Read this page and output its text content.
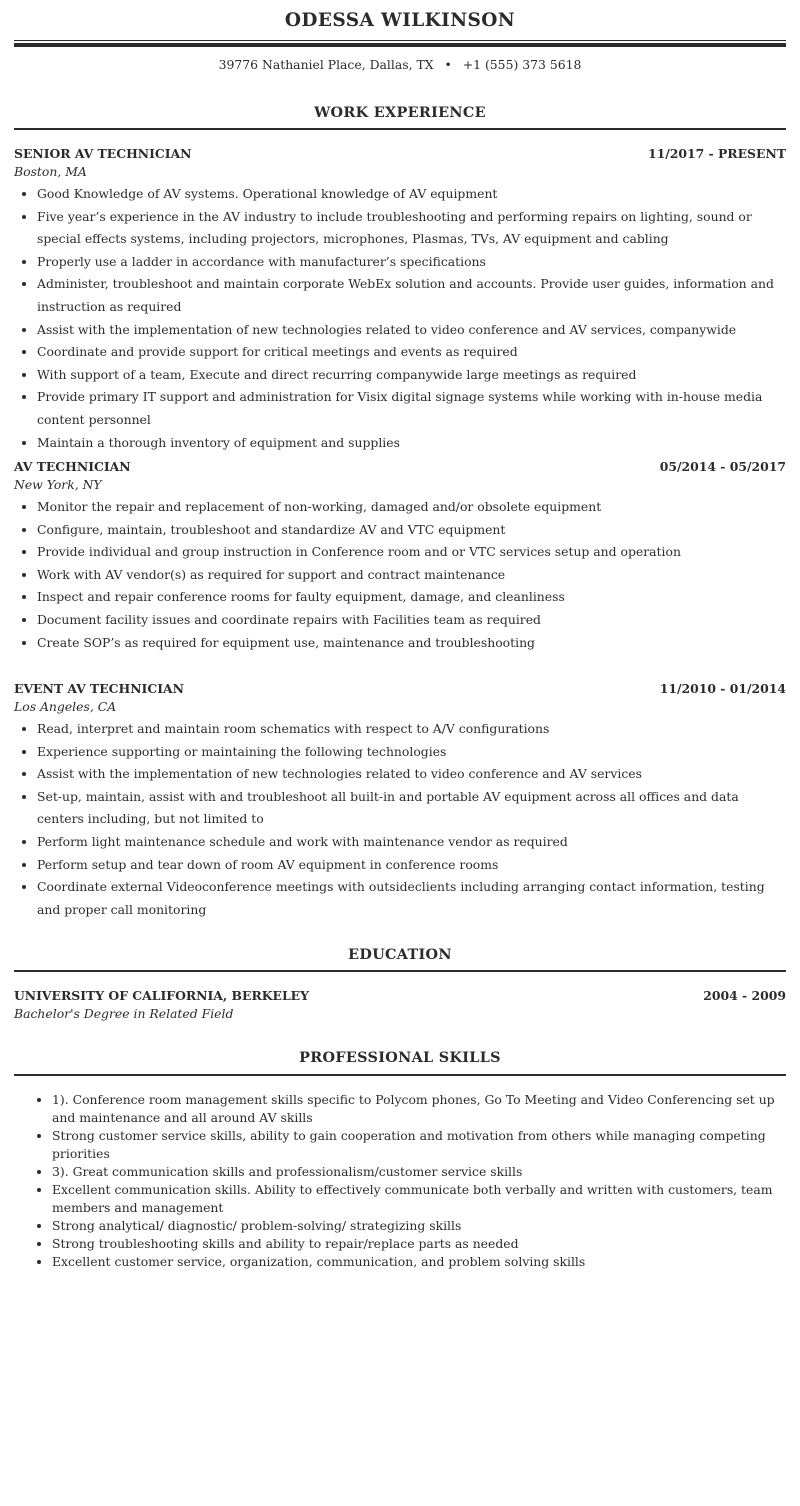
ODESSA WILKINSON
39776 Nathaniel Place, Dallas, TX • +1 (555) 373 5618
WORK EXPERIENCE
SENIOR AV TECHNICIAN	11/2017 - PRESENT
Boston, MA
• Good Knowledge of AV systems. Operational knowledge of AV equipment
• Five year’s experience in the AV industry to include troubleshooting and performing repairs on lighting, sound or special effects systems, including projectors, microphones, Plasmas, TVs, AV equipment and cabling
• Properly use a ladder in accordance with manufacturer’s specifications
• Administer, troubleshoot and maintain corporate WebEx solution and accounts. Provide user guides, information and instruction as required
• Assist with the implementation of new technologies related to video conference and AV services, companywide
• Coordinate and provide support for critical meetings and events as required
• With support of a team, Execute and direct recurring companywide large meetings as required
• Provide primary IT support and administration for Visix digital signage systems while working with in-house media content personnel
• Maintain a thorough inventory of equipment and supplies
AV TECHNICIAN	05/2014 - 05/2017
New York, NY
• Monitor the repair and replacement of non-working, damaged and/or obsolete equipment
• Configure, maintain, troubleshoot and standardize AV and VTC equipment
• Provide individual and group instruction in Conference room and or VTC services setup and operation
• Work with AV vendor(s) as required for support and contract maintenance
• Inspect and repair conference rooms for faulty equipment, damage, and cleanliness
• Document facility issues and coordinate repairs with Facilities team as required
• Create SOP’s as required for equipment use, maintenance and troubleshooting
EVENT AV TECHNICIAN	11/2010 - 01/2014
Los Angeles, CA
• Read, interpret and maintain room schematics with respect to A/V configurations
• Experience supporting or maintaining the following technologies
• Assist with the implementation of new technologies related to video conference and AV services
• Set-up, maintain, assist with and troubleshoot all built-in and portable AV equipment across all offices and data centers including, but not limited to
• Perform light maintenance schedule and work with maintenance vendor as required
• Perform setup and tear down of room AV equipment in conference rooms
• Coordinate external Videoconference meetings with outsideclients including arranging contact information, testing and proper call monitoring
EDUCATION
UNIVERSITY OF CALIFORNIA, BERKELEY	2004 - 2009
Bachelor's Degree in Related Field
PROFESSIONAL SKILLS
• 1). Conference room management skills specific to Polycom phones, Go To Meeting and Video Conferencing set up and maintenance and all around AV skills
• Strong customer service skills, ability to gain cooperation and motivation from others while managing competing priorities
• 3). Great communication skills and professionalism/customer service skills
• Excellent communication skills. Ability to effectively communicate both verbally and written with customers, team members and management
• Strong analytical/ diagnostic/ problem-solving/ strategizing skills
• Strong troubleshooting skills and ability to repair/replace parts as needed
• Excellent customer service, organization, communication, and problem solving skills
